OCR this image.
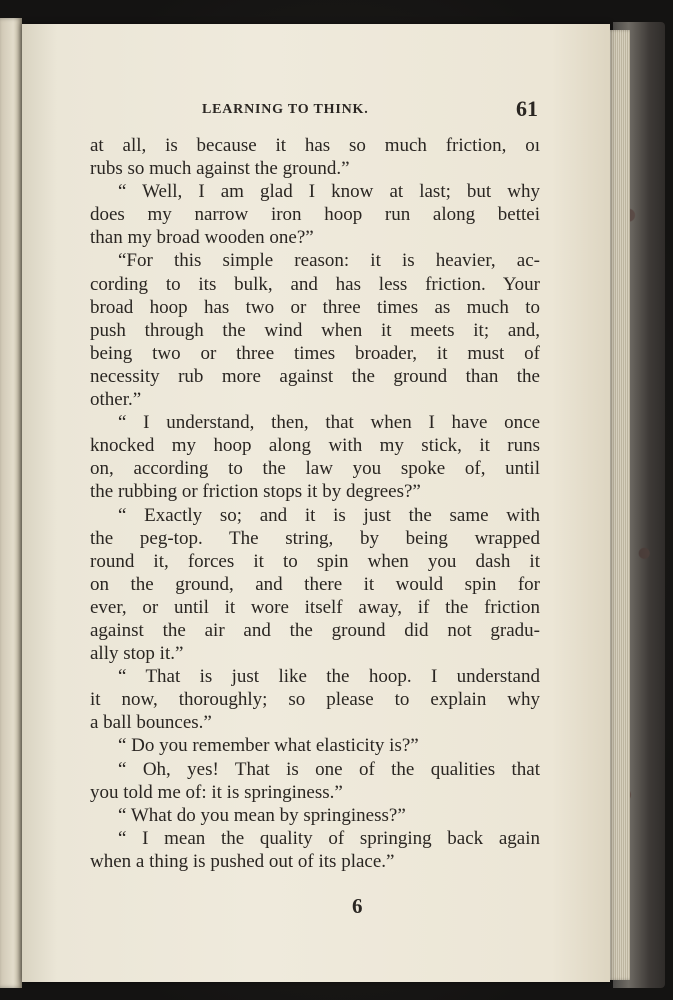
LEARNING TO THINK.	61
at all, is because it has so much friction, oı
rubs so much against the ground.”
“ Well, I am glad I know at last; but why
does my narrow iron hoop run along bettei
than my broad wooden one?”
“For this simple reason: it is heavier, ac-
cording to its bulk, and has less friction. Your
broad hoop has two or three times as much to
push through the wind when it meets it; and,
being two or three times broader, it must of
necessity rub more against the ground than the
other.”
“ I understand, then, that when I have once
knocked my hoop along with my stick, it runs
on, according to the law you spoke of, until
the rubbing or friction stops it by degrees?”
“ Exactly so; and it is just the same with
the peg-top. The string, by being wrapped
round it, forces it to spin when you dash it
on the ground, and there it would spin for
ever, or until it wore itself away, if the friction
against the air and the ground did not gradu-
ally stop it.”
“ That is just like the hoop. I understand
it now, thoroughly; so please to explain why
a ball bounces.”
“ Do you remember what elasticity is?”
“ Oh, yes! That is one of the qualities that
you told me of: it is springiness.”
“ What do you mean by springiness?”
“ I mean the quality of springing back again
when a thing is pushed out of its place.”
6
